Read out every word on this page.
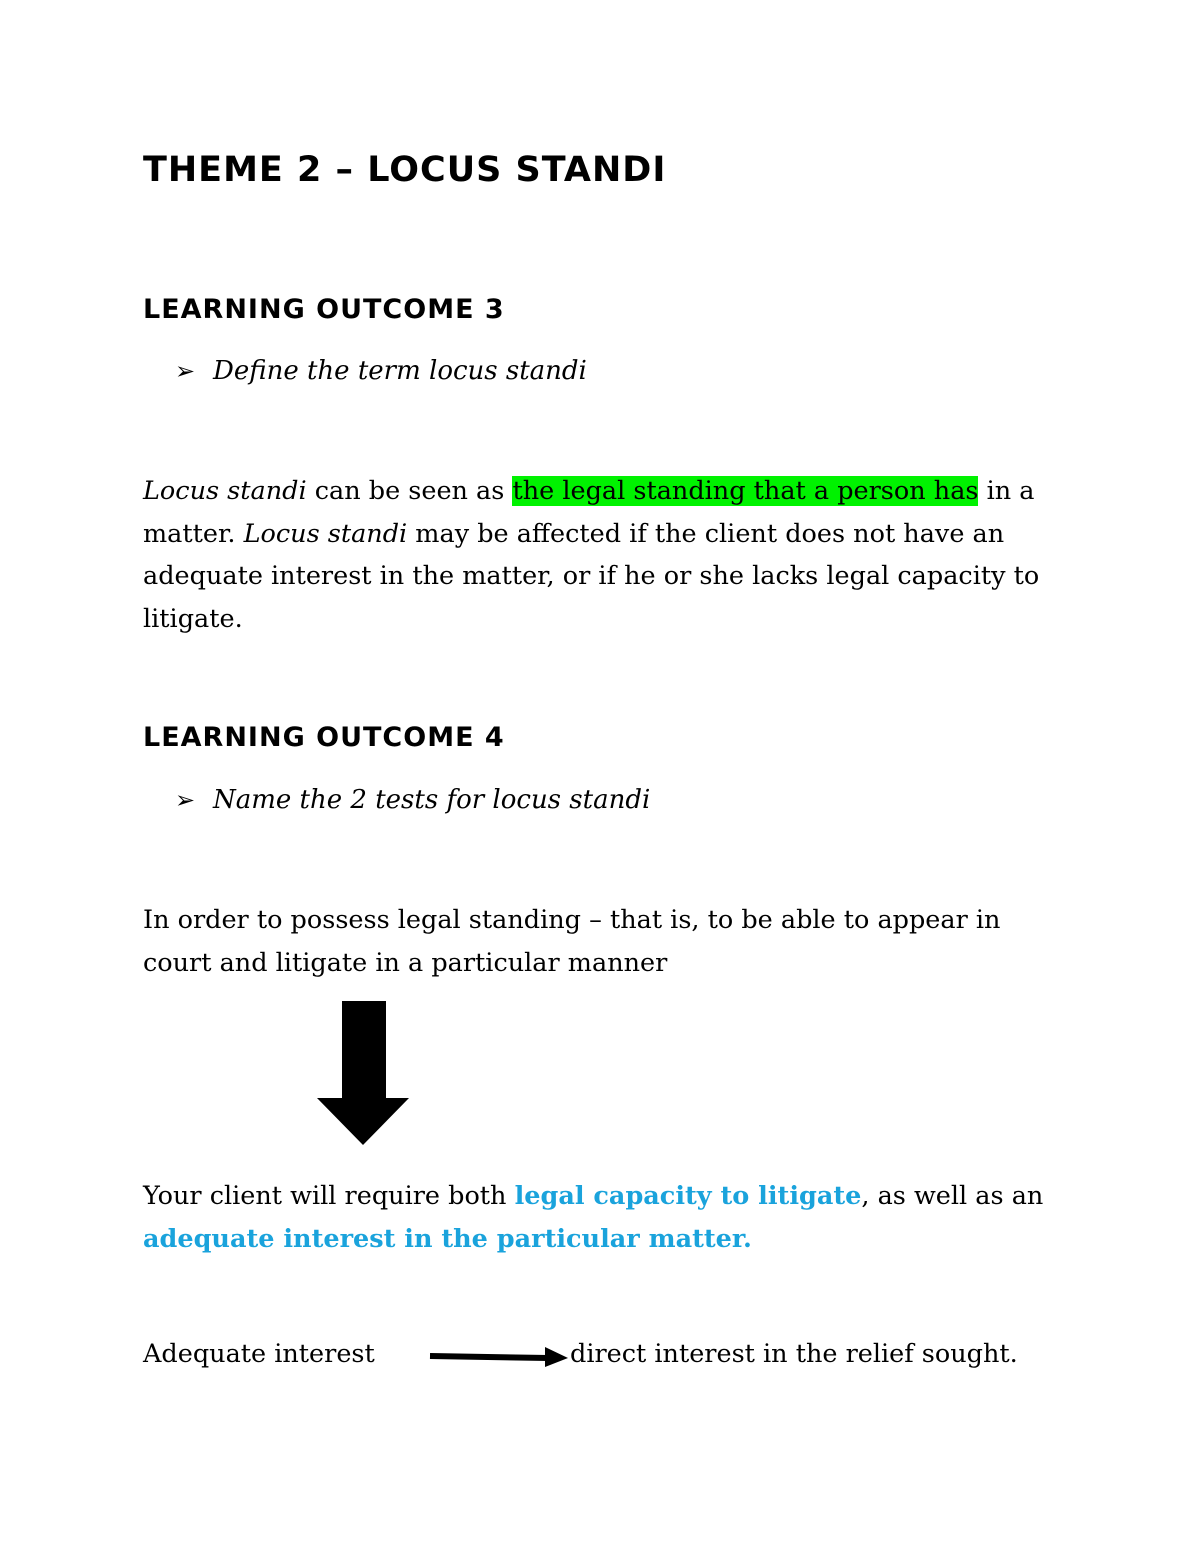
THEME 2 – LOCUS STANDI
LEARNING OUTCOME 3

➢ Define the term locus standi

Locus standi can be seen as the legal standing that a person has in a
matter. Locus standi may be affected if the client does not have an
adequate interest in the matter, or if he or she lacks legal capacity to
litigate.
LEARNING OUTCOME 4

➢ Name the 2 tests for locus standi

In order to possess legal standing – that is, to be able to appear in
court and litigate in a particular manner
Your client will require both legal capacity to litigate, as well as an
adequate interest in the particular matter.
Adequate interest	direct interest in the relief sought.
